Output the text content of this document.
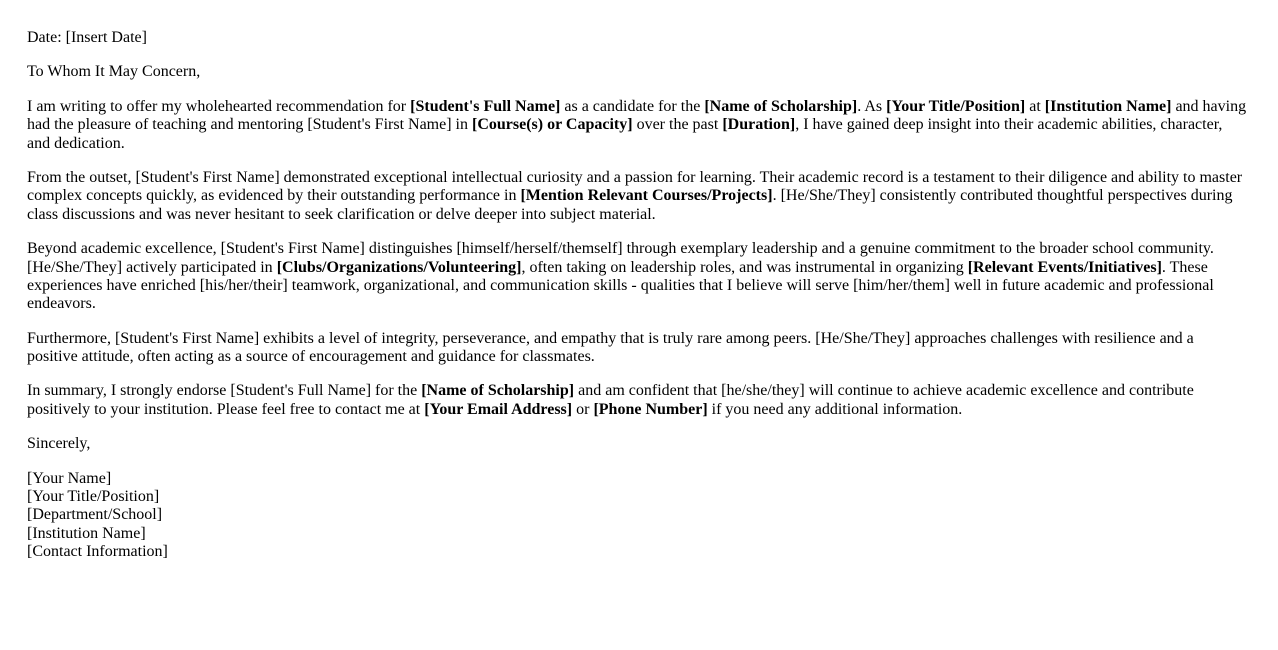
Date: [Insert Date]

To Whom It May Concern,

I am writing to offer my wholehearted recommendation for [Student's Full Name] as a candidate for the [Name of Scholarship]. As [Your Title/Position] at [Institution Name] and having had the pleasure of teaching and mentoring [Student's First Name] in [Course(s) or Capacity] over the past [Duration], I have gained deep insight into their academic abilities, character, and dedication.

From the outset, [Student's First Name] demonstrated exceptional intellectual curiosity and a passion for learning. Their academic record is a testament to their diligence and ability to master complex concepts quickly, as evidenced by their outstanding performance in [Mention Relevant Courses/Projects]. [He/She/They] consistently contributed thoughtful perspectives during class discussions and was never hesitant to seek clarification or delve deeper into subject material.

Beyond academic excellence, [Student's First Name] distinguishes [himself/herself/themself] through exemplary leadership and a genuine commitment to the broader school community. [He/She/They] actively participated in [Clubs/Organizations/Volunteering], often taking on leadership roles, and was instrumental in organizing [Relevant Events/Initiatives]. These experiences have enriched [his/her/their] teamwork, organizational, and communication skills - qualities that I believe will serve [him/her/them] well in future academic and professional endeavors.

Furthermore, [Student's First Name] exhibits a level of integrity, perseverance, and empathy that is truly rare among peers. [He/She/They] approaches challenges with resilience and a positive attitude, often acting as a source of encouragement and guidance for classmates.

In summary, I strongly endorse [Student's Full Name] for the [Name of Scholarship] and am confident that [he/she/they] will continue to achieve academic excellence and contribute positively to your institution. Please feel free to contact me at [Your Email Address] or [Phone Number] if you need any additional information.

Sincerely,

[Your Name]
[Your Title/Position]
[Department/School]
[Institution Name]
[Contact Information]
